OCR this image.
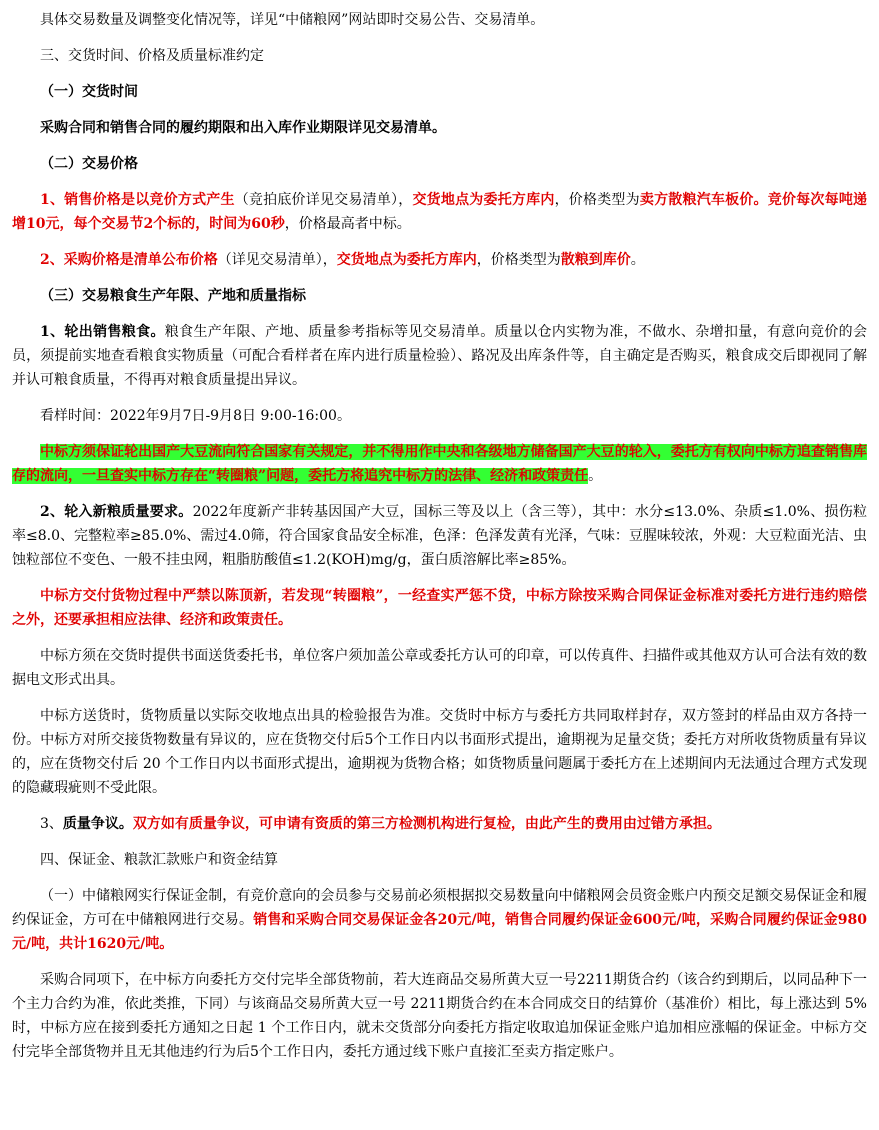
具体交易数量及调整变化情况等，详见“中储粮网”网站即时交易公告、交易清单。

三、交货时间、价格及质量标准约定

（一）交货时间

采购合同和销售合同的履约期限和出入库作业期限详见交易清单。

（二）交易价格

1、销售价格是以竞价方式产生（竞拍底价详见交易清单），交货地点为委托方库内，价格类型为卖方散粮汽车板价。竞价每次每吨递增10元，每个交易节2个标的，时间为60秒，价格最高者中标。

2、采购价格是清单公布价格（详见交易清单），交货地点为委托方库内，价格类型为散粮到库价。

（三）交易粮食生产年限、产地和质量指标

1、轮出销售粮食。粮食生产年限、产地、质量参考指标等见交易清单。质量以仓内实物为准，不做水、杂增扣量，有意向竞价的会员，须提前实地查看粮食实物质量（可配合看样者在库内进行质量检验）、路况及出库条件等，自主确定是否购买，粮食成交后即视同了解并认可粮食质量，不得再对粮食质量提出异议。

看样时间：2022年9月7日-9月8日 9:00-16:00。

中标方须保证轮出国产大豆流向符合国家有关规定，并不得用作中央和各级地方储备国产大豆的轮入，委托方有权向中标方追查销售库存的流向，一旦查实中标方存在“转圈粮”问题，委托方将追究中标方的法律、经济和政策责任。

2、轮入新粮质量要求。2022年度新产非转基因国产大豆，国标三等及以上（含三等），其中：水分≤13.0%、杂质≤1.0%、损伤粒率≤8.0、完整粒率≥85.0%、需过4.0筛，符合国家食品安全标准，色泽：色泽发黄有光泽，气味：豆腥味较浓，外观：大豆粒面光洁、虫蚀粒部位不变色、一般不挂虫网，粗脂肪酸值≤1.2(KOH)mg/g，蛋白质溶解比率≥85%。

中标方交付货物过程中严禁以陈顶新，若发现“转圈粮”，一经查实严惩不贷，中标方除按采购合同保证金标准对委托方进行违约赔偿之外，还要承担相应法律、经济和政策责任。

中标方须在交货时提供书面送货委托书，单位客户须加盖公章或委托方认可的印章，可以传真件、扫描件或其他双方认可合法有效的数据电文形式出具。

中标方送货时，货物质量以实际交收地点出具的检验报告为准。交货时中标方与委托方共同取样封存，双方签封的样品由双方各持一份。中标方对所交接货物数量有异议的，应在货物交付后5个工作日内以书面形式提出，逾期视为足量交货；委托方对所收货物质量有异议的，应在货物交付后 20 个工作日内以书面形式提出，逾期视为货物合格；如货物质量问题属于委托方在上述期间内无法通过合理方式发现的隐藏瑕疵则不受此限。

3、质量争议。双方如有质量争议，可申请有资质的第三方检测机构进行复检，由此产生的费用由过错方承担。

四、保证金、粮款汇款账户和资金结算

（一）中储粮网实行保证金制，有竞价意向的会员参与交易前必须根据拟交易数量向中储粮网会员资金账户内预交足额交易保证金和履约保证金，方可在中储粮网进行交易。销售和采购合同交易保证金各20元/吨，销售合同履约保证金600元/吨，采购合同履约保证金980元/吨，共计1620元/吨。

采购合同项下，在中标方向委托方交付完毕全部货物前，若大连商品交易所黄大豆一号2211期货合约（该合约到期后，以同品种下一个主力合约为准，依此类推，下同）与该商品交易所黄大豆一号 2211期货合约在本合同成交日的结算价（基准价）相比，每上涨达到 5%时，中标方应在接到委托方通知之日起 1 个工作日内，就未交货部分向委托方指定收取追加保证金账户追加相应涨幅的保证金。中标方交付完毕全部货物并且无其他违约行为后5个工作日内，委托方通过线下账户直接汇至卖方指定账户。
